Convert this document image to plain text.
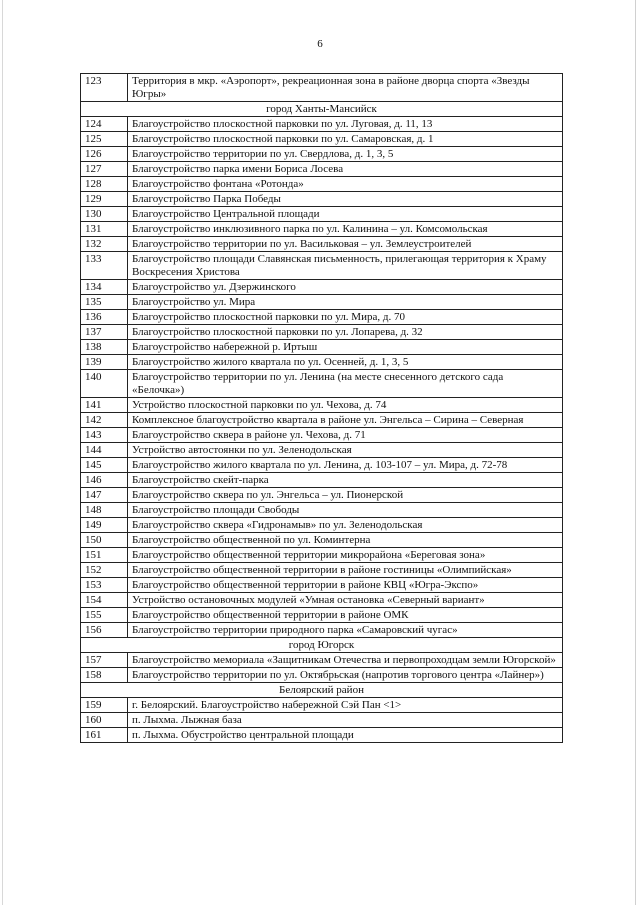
6
123	Территория в мкр. «Аэропорт», рекреационная зона в районе дворца спорта «Звезды Югры»
город Ханты-Мансийск	
124	Благоустройство плоскостной парковки по ул. Луговая, д. 11, 13
125	Благоустройство плоскостной парковки по ул. Самаровская, д. 1
126	Благоустройство территории по ул. Свердлова, д. 1, 3, 5
127	Благоустройство парка имени Бориса Лосева
128	Благоустройство фонтана «Ротонда»
129	Благоустройство Парка Победы
130	Благоустройство Центральной площади
131	Благоустройство инклюзивного парка по ул. Калинина – ул. Комсомольская
132	Благоустройство территории по ул. Васильковая – ул. Землеустроителей
133	Благоустройство площади Славянская письменность, прилегающая территория к Храму Воскресения Христова
134	Благоустройство ул. Дзержинского
135	Благоустройство ул. Мира
136	Благоустройство плоскостной парковки по ул. Мира, д. 70
137	Благоустройство плоскостной парковки по ул. Лопарева, д. 32
138	Благоустройство набережной р. Иртыш
139	Благоустройство жилого квартала по ул. Осенней, д. 1, 3, 5
140	Благоустройство территории по ул. Ленина (на месте снесенного детского сада «Белочка»)
141	Устройство плоскостной парковки по ул. Чехова, д. 74
142	Комплексное благоустройство квартала в районе ул. Энгельса – Сирина – Северная
143	Благоустройство сквера в районе ул. Чехова, д. 71
144	Устройство автостоянки по ул. Зеленодольская
145	Благоустройство жилого квартала по ул. Ленина, д. 103-107 – ул. Мира, д. 72-78
146	Благоустройство скейт-парка
147	Благоустройство сквера по ул. Энгельса – ул. Пионерской
148	Благоустройство площади Свободы
149	Благоустройство сквера «Гидронамыв» по ул. Зеленодольская
150	Благоустройство общественной по ул. Коминтерна
151	Благоустройство общественной территории микрорайона «Береговая зона»
152	Благоустройство общественной территории в районе гостиницы «Олимпийская»
153	Благоустройство общественной территории в районе КВЦ «Югра-Экспо»
154	Устройство остановочных модулей «Умная остановка «Северный вариант»
155	Благоустройство общественной территории в районе ОМК
156	Благоустройство территории природного парка «Самаровский чугас»
город Югорск	
157	Благоустройство мемориала «Защитникам Отечества и первопроходцам земли Югорской»
158	Благоустройство территории по ул. Октябрьская (напротив торгового центра «Лайнер»)
Белоярский район	
159	г. Белоярский. Благоустройство набережной Сэй Пан <1>
160	п. Лыхма. Лыжная база
161	п. Лыхма. Обустройство центральной площади
